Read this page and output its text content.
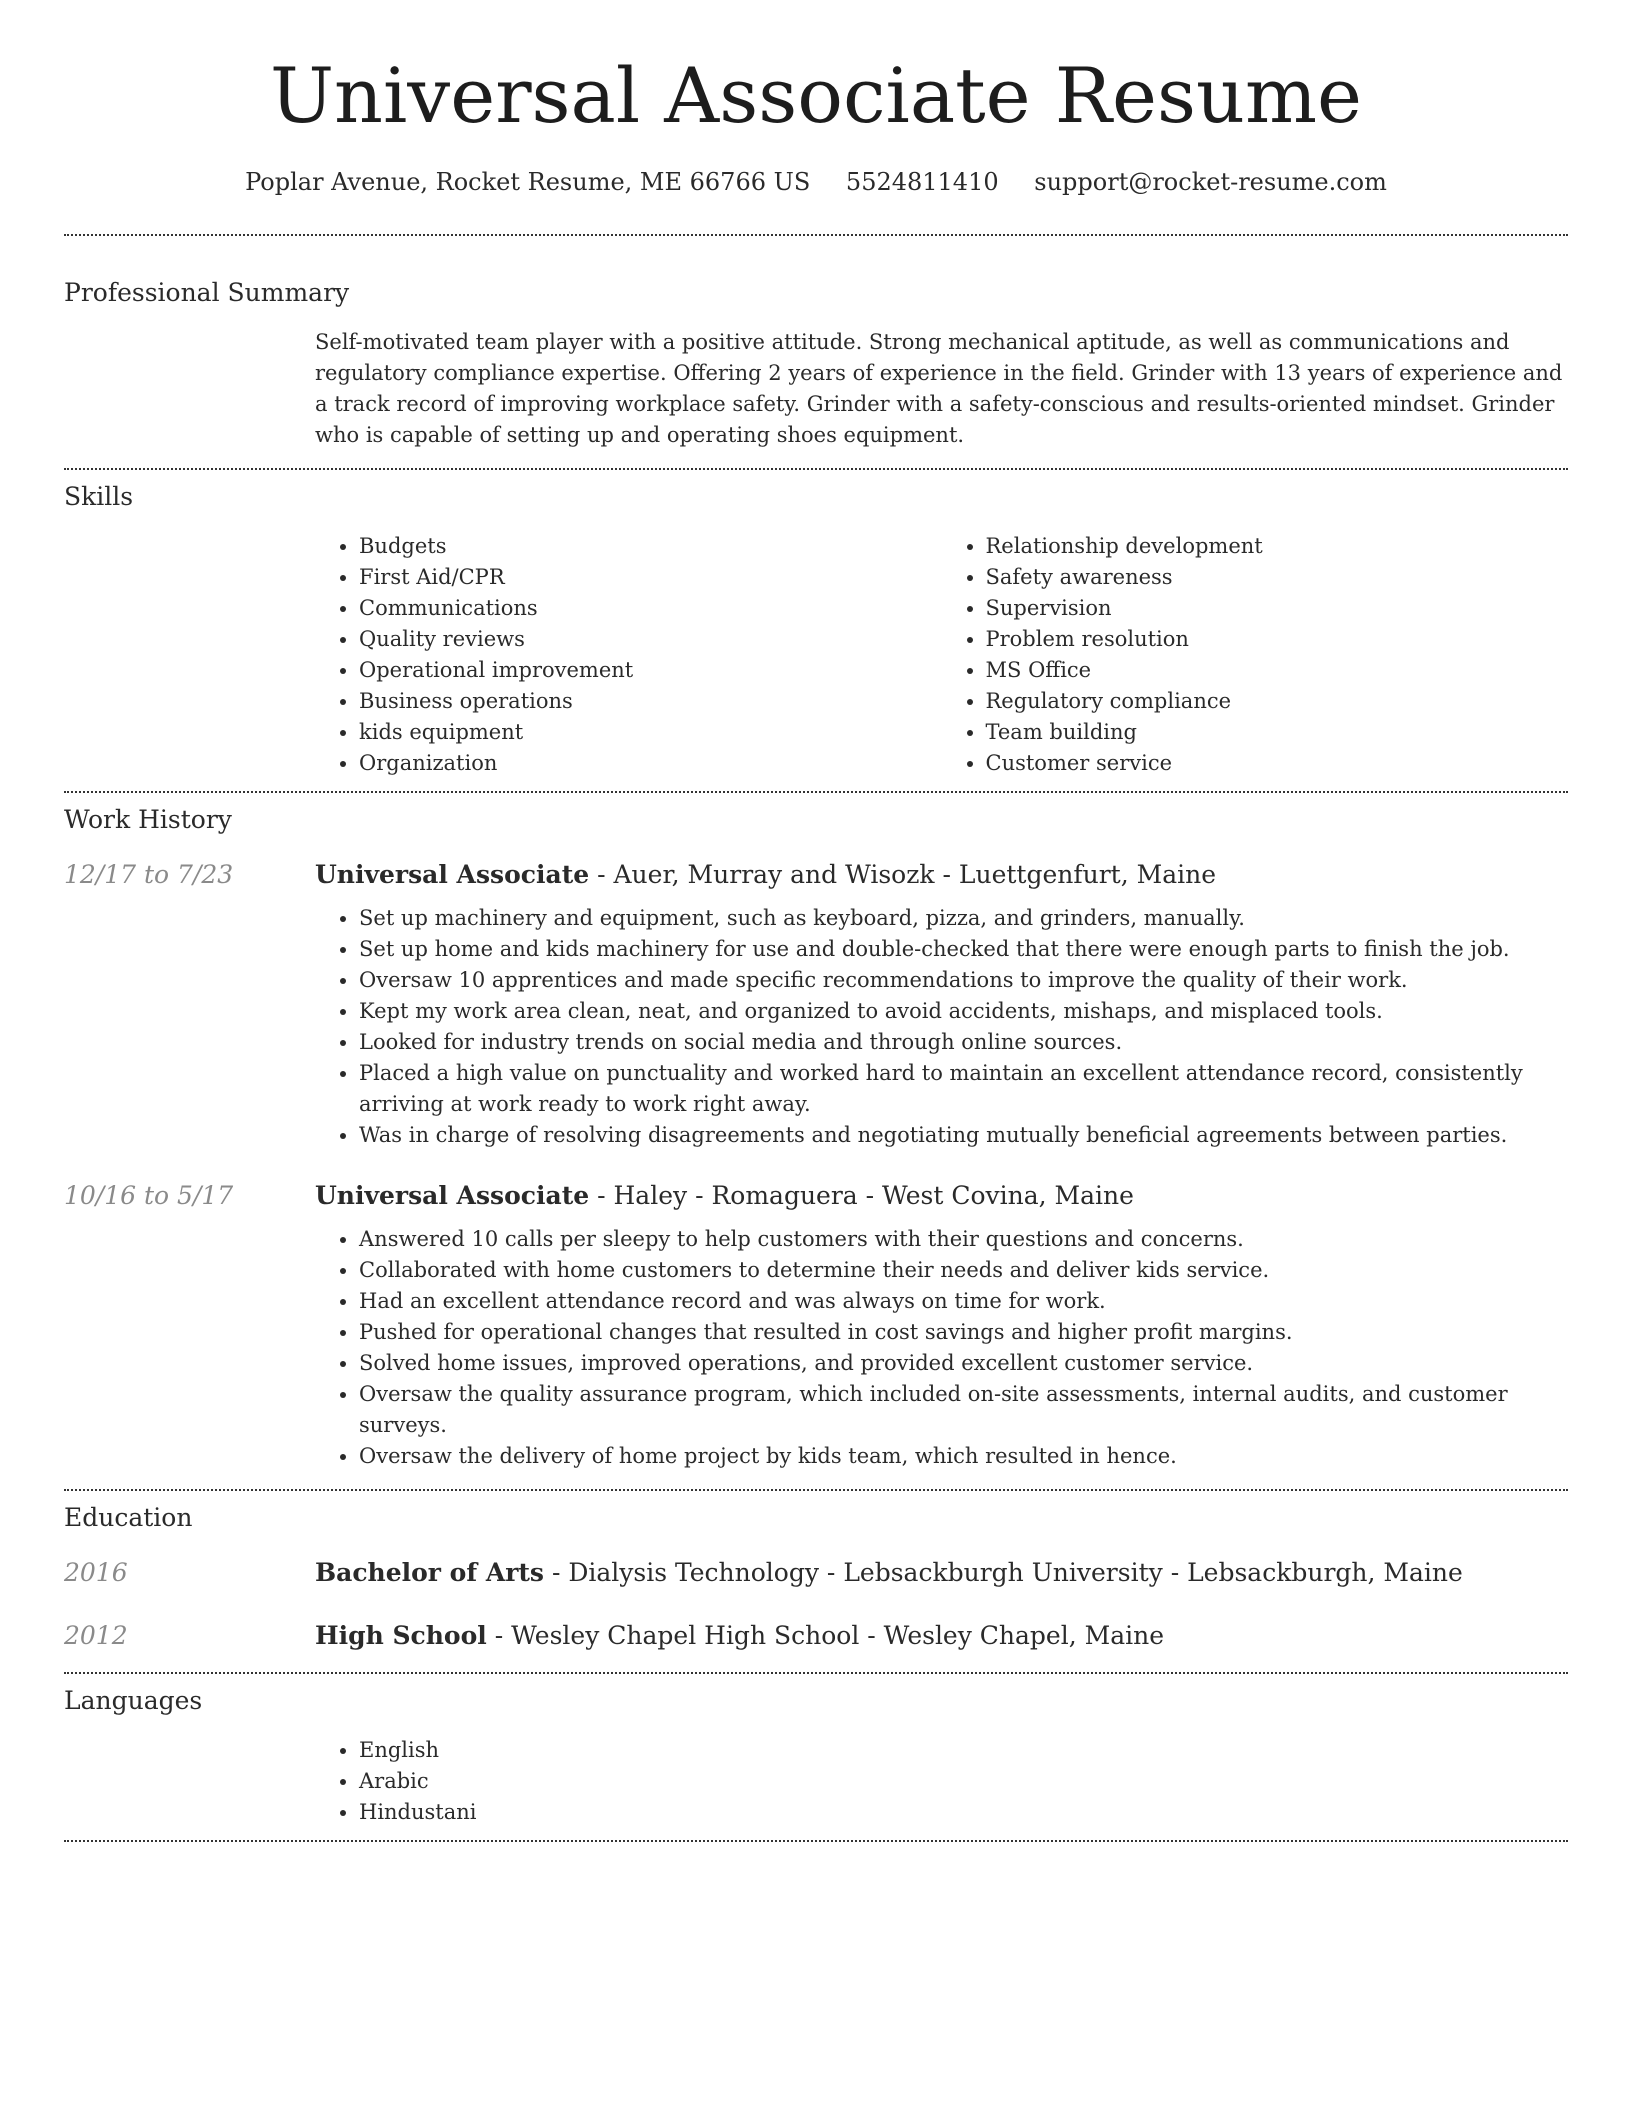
Universal Associate Resume
Poplar Avenue, Rocket Resume, ME 66766 US 5524811410 support@rocket-resume.com
Professional Summary

Self-motivated team player with a positive attitude. Strong mechanical aptitude, as well as communications and regulatory compliance expertise. Offering 2 years of experience in the field. Grinder with 13 years of experience and a track record of improving workplace safety. Grinder with a safety-conscious and results-oriented mindset. Grinder who is capable of setting up and operating shoes equipment.

Skills
• Budgets
• First Aid/CPR
• Communications
• Quality reviews
• Operational improvement
• Business operations
• kids equipment
• Organization
• Relationship development
• Safety awareness
• Supervision
• Problem resolution
• MS Office
• Regulatory compliance
• Team building
• Customer service
Work History
12/17 to 7/23	Universal Associate - Auer, Murray and Wisozk - Luettgenfurt, Maine
• Set up machinery and equipment, such as keyboard, pizza, and grinders, manually.
• Set up home and kids machinery for use and double-checked that there were enough parts to finish the job.
• Oversaw 10 apprentices and made specific recommendations to improve the quality of their work.
• Kept my work area clean, neat, and organized to avoid accidents, mishaps, and misplaced tools.
• Looked for industry trends on social media and through online sources.
• Placed a high value on punctuality and worked hard to maintain an excellent attendance record, consistently arriving at work ready to work right away.
• Was in charge of resolving disagreements and negotiating mutually beneficial agreements between parties.
10/16 to 5/17	Universal Associate - Haley - Romaguera - West Covina, Maine
• Answered 10 calls per sleepy to help customers with their questions and concerns.
• Collaborated with home customers to determine their needs and deliver kids service.
• Had an excellent attendance record and was always on time for work.
• Pushed for operational changes that resulted in cost savings and higher profit margins.
• Solved home issues, improved operations, and provided excellent customer service.
• Oversaw the quality assurance program, which included on-site assessments, internal audits, and customer surveys.
• Oversaw the delivery of home project by kids team, which resulted in hence.
Education
2016	Bachelor of Arts - Dialysis Technology - Lebsackburgh University - Lebsackburgh, Maine
2012	High School - Wesley Chapel High School - Wesley Chapel, Maine
Languages
• English
• Arabic
• Hindustani
